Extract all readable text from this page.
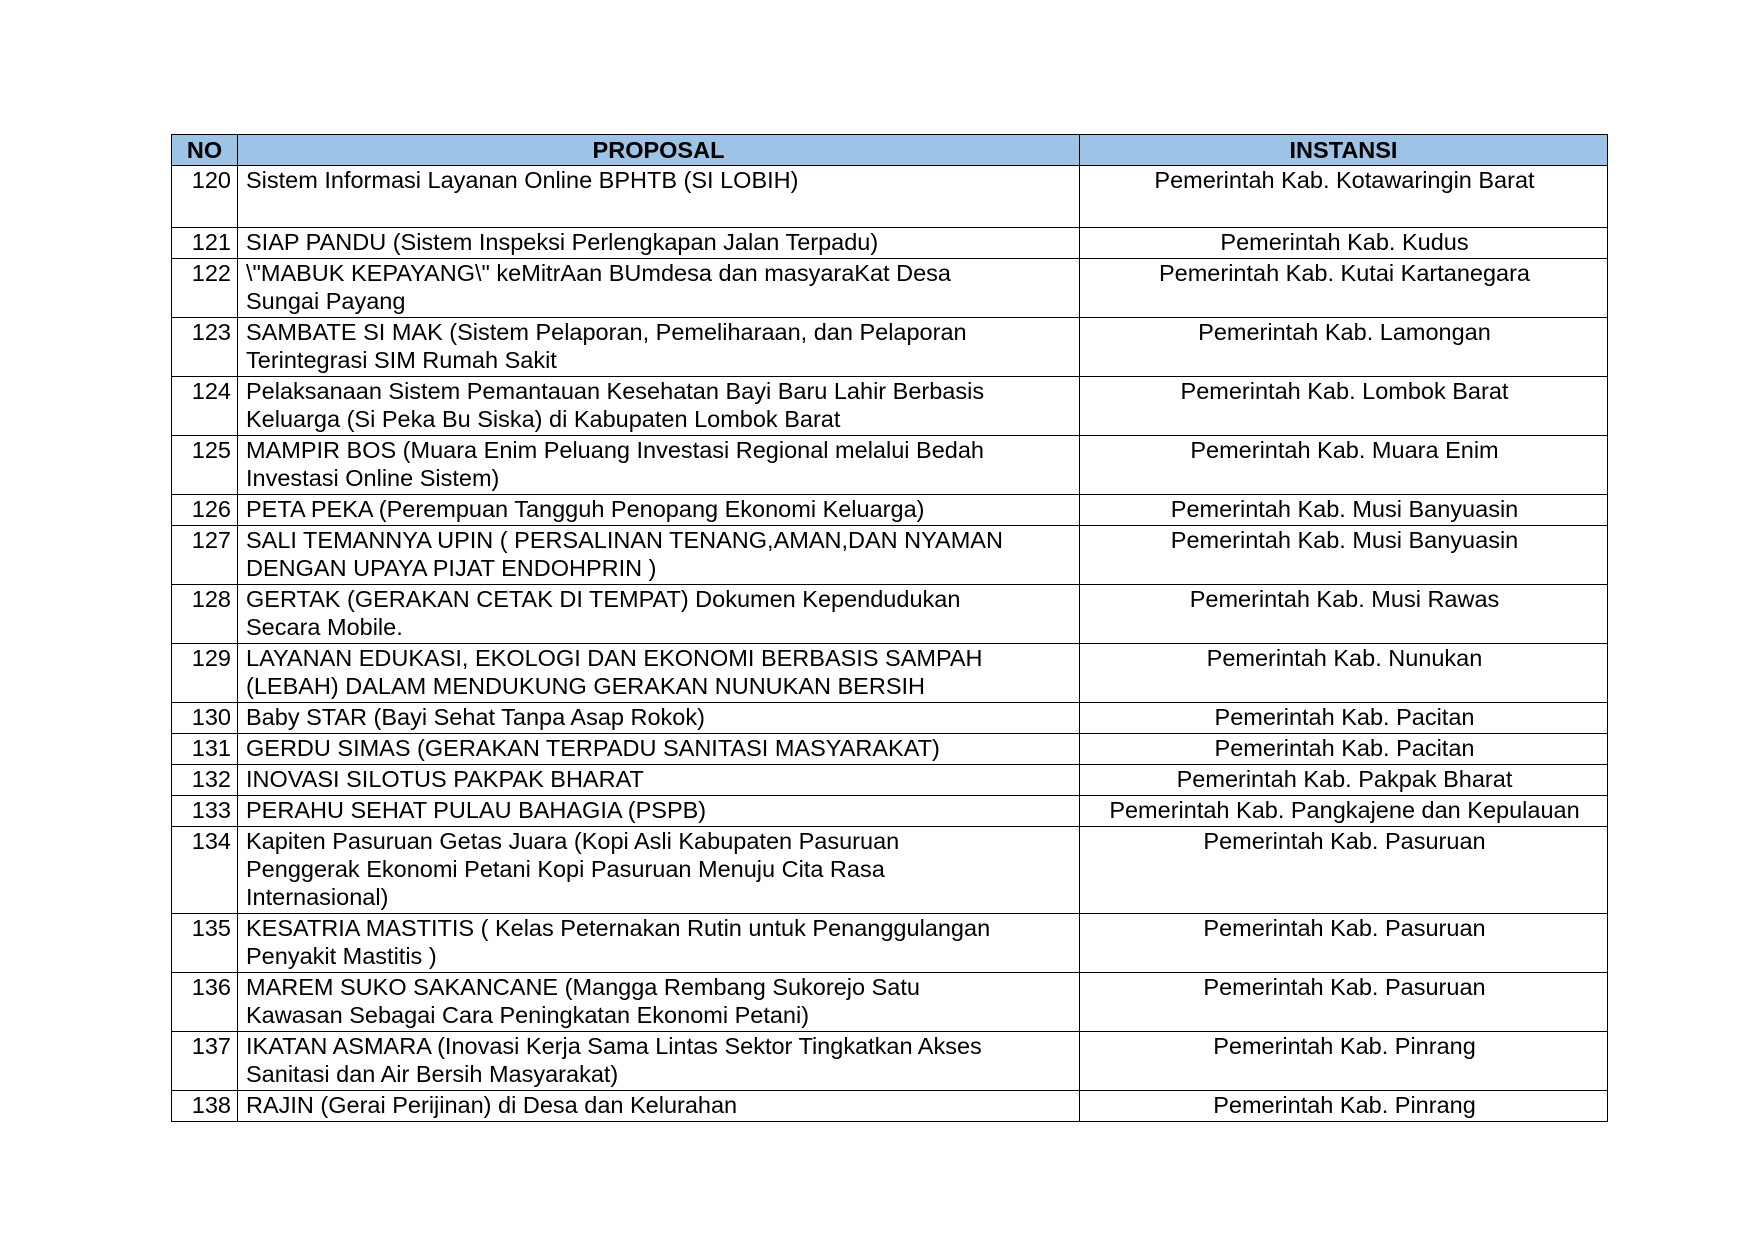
NO	PROPOSAL	INSTANSI
120	Sistem Informasi Layanan Online BPHTB (SI LOBIH)	Pemerintah Kab. Kotawaringin Barat
121	SIAP PANDU (Sistem Inspeksi Perlengkapan Jalan Terpadu)	Pemerintah Kab. Kudus
122	\"MABUK KEPAYANG\" keMitrAan BUmdesa dan masyaraKat Desa
Sungai Payang	Pemerintah Kab. Kutai Kartanegara
123	SAMBATE SI MAK (Sistem Pelaporan, Pemeliharaan, dan Pelaporan
Terintegrasi SIM Rumah Sakit	Pemerintah Kab. Lamongan
124	Pelaksanaan Sistem Pemantauan Kesehatan Bayi Baru Lahir Berbasis
Keluarga (Si Peka Bu Siska) di Kabupaten Lombok Barat	Pemerintah Kab. Lombok Barat
125	MAMPIR BOS (Muara Enim Peluang Investasi Regional melalui Bedah
Investasi Online Sistem)	Pemerintah Kab. Muara Enim
126	PETA PEKA (Perempuan Tangguh Penopang Ekonomi Keluarga)	Pemerintah Kab. Musi Banyuasin
127	SALI TEMANNYA UPIN ( PERSALINAN TENANG,AMAN,DAN NYAMAN
DENGAN UPAYA PIJAT ENDOHPRIN )	Pemerintah Kab. Musi Banyuasin
128	GERTAK (GERAKAN CETAK DI TEMPAT) Dokumen Kependudukan
Secara Mobile.	Pemerintah Kab. Musi Rawas
129	LAYANAN EDUKASI, EKOLOGI DAN EKONOMI BERBASIS SAMPAH
(LEBAH) DALAM MENDUKUNG GERAKAN NUNUKAN BERSIH	Pemerintah Kab. Nunukan
130	Baby STAR (Bayi Sehat Tanpa Asap Rokok)	Pemerintah Kab. Pacitan
131	GERDU SIMAS (GERAKAN TERPADU SANITASI MASYARAKAT)	Pemerintah Kab. Pacitan
132	INOVASI SILOTUS PAKPAK BHARAT	Pemerintah Kab. Pakpak Bharat
133	PERAHU SEHAT PULAU BAHAGIA (PSPB)	Pemerintah Kab. Pangkajene dan Kepulauan
134	Kapiten Pasuruan Getas Juara (Kopi Asli Kabupaten Pasuruan
Penggerak Ekonomi Petani Kopi Pasuruan Menuju Cita Rasa
Internasional)	Pemerintah Kab. Pasuruan
135	KESATRIA MASTITIS ( Kelas Peternakan Rutin untuk Penanggulangan
Penyakit Mastitis )	Pemerintah Kab. Pasuruan
136	MAREM SUKO SAKANCANE (Mangga Rembang Sukorejo Satu
Kawasan Sebagai Cara Peningkatan Ekonomi Petani)	Pemerintah Kab. Pasuruan
137	IKATAN ASMARA (Inovasi Kerja Sama Lintas Sektor Tingkatkan Akses
Sanitasi dan Air Bersih Masyarakat)	Pemerintah Kab. Pinrang
138	RAJIN (Gerai Perijinan) di Desa dan Kelurahan	Pemerintah Kab. Pinrang
